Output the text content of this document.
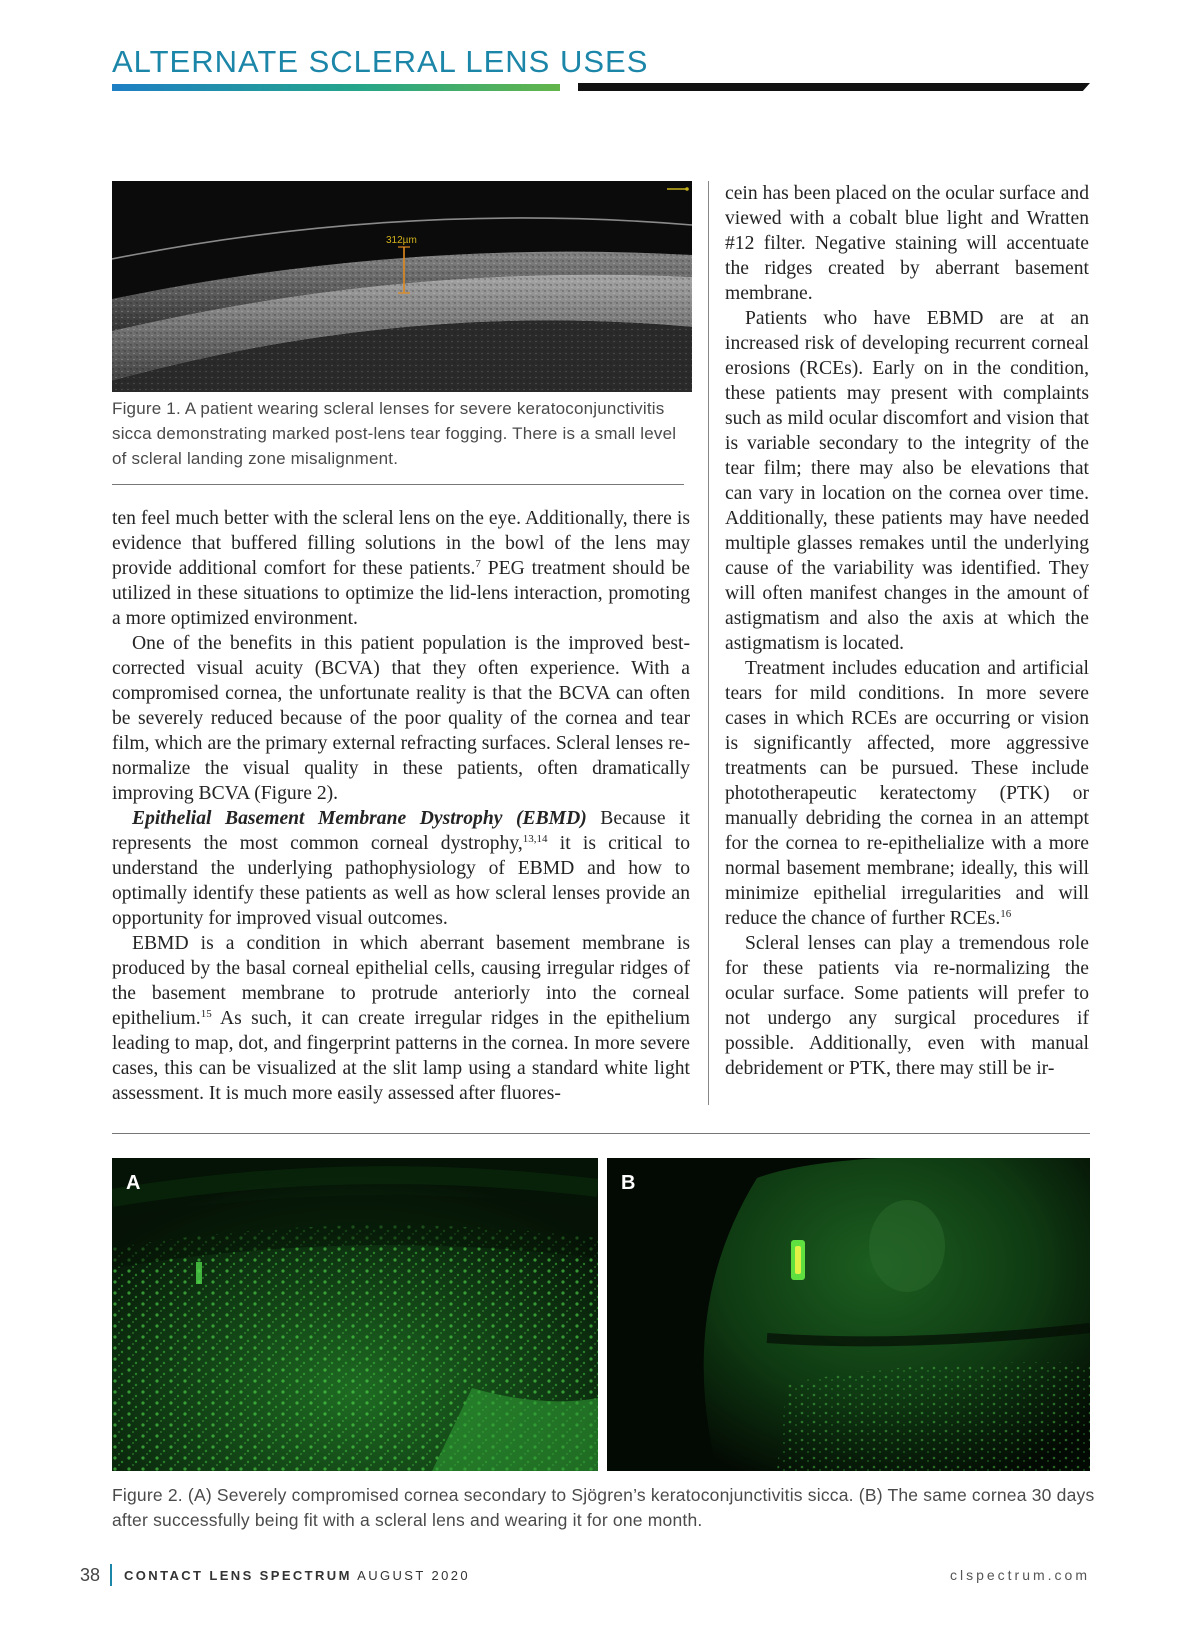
ALTERNATE SCLERAL LENS USES
312µm
Figure 1. A patient wearing scleral lenses for severe keratoconjunctivitis sicca demonstrating marked post-lens tear fogging. There is a small level of scleral landing zone misalignment.

ten feel much better with the scleral lens on the eye. Additionally, there is evidence that buffered filling solutions in the bowl of the lens may provide additional comfort for these patients.$^7$ PEG treatment should be utilized in these situations to optimize the lid-lens interaction, promoting a more optimized environment.

One of the benefits in this patient population is the improved best-corrected visual acuity (BCVA) that they often experience. With a compromised cornea, the unfortunate reality is that the BCVA can often be severely reduced because of the poor quality of the cornea and tear film, which are the primary external refracting surfaces. Scleral lenses re-normalize the visual quality in these patients, often dramatically improving BCVA (Figure 2).

Epithelial Basement Membrane Dystrophy (EBMD) Because it represents the most common corneal dystrophy,$^{13,14}$ it is critical to understand the underlying pathophysiology of EBMD and how to optimally identify these patients as well as how scleral lenses provide an opportunity for improved visual outcomes.

EBMD is a condition in which aberrant basement membrane is produced by the basal corneal epithelial cells, causing irregular ridges of the basement membrane to protrude anteriorly into the corneal epithelium.$^{15}$ As such, it can create irregular ridges in the epithelium leading to map, dot, and fingerprint patterns in the cornea. In more severe cases, this can be visualized at the slit lamp using a standard white light assessment. It is much more easily assessed after fluores-

cein has been placed on the ocular surface and viewed with a cobalt blue light and Wratten #12 filter. Negative staining will accentuate the ridges created by aberrant basement membrane.

Patients who have EBMD are at an increased risk of developing recurrent corneal erosions (RCEs). Early on in the condition, these patients may present with complaints such as mild ocular discomfort and vision that is variable secondary to the integrity of the tear film; there may also be elevations that can vary in location on the cornea over time. Additionally, these patients may have needed multiple glasses remakes until the underlying cause of the variability was identified. They will often manifest changes in the amount of astigmatism and also the axis at which the astigmatism is located.

Treatment includes education and artificial tears for mild conditions. In more severe cases in which RCEs are occurring or vision is significantly affected, more aggressive treatments can be pursued. These include phototherapeutic keratectomy (PTK) or manually debriding the cornea in an attempt for the cornea to re-epithelialize with a more normal basement membrane; ideally, this will minimize epithelial irregularities and will reduce the chance of further RCEs.$^{16}$

Scleral lenses can play a tremendous role for these patients via re-normalizing the ocular surface. Some patients will prefer to not undergo any surgical procedures if possible. Additionally, even with manual debridement or PTK, there may still be ir-

A	B
Figure 2. (A) Severely compromised cornea secondary to Sjögren’s keratoconjunctivitis sicca. (B) The same cornea 30 days after successfully being fit with a scleral lens and wearing it for one month.
38 CONTACT LENS SPECTRUM AUGUST 2020	clspectrum.com
